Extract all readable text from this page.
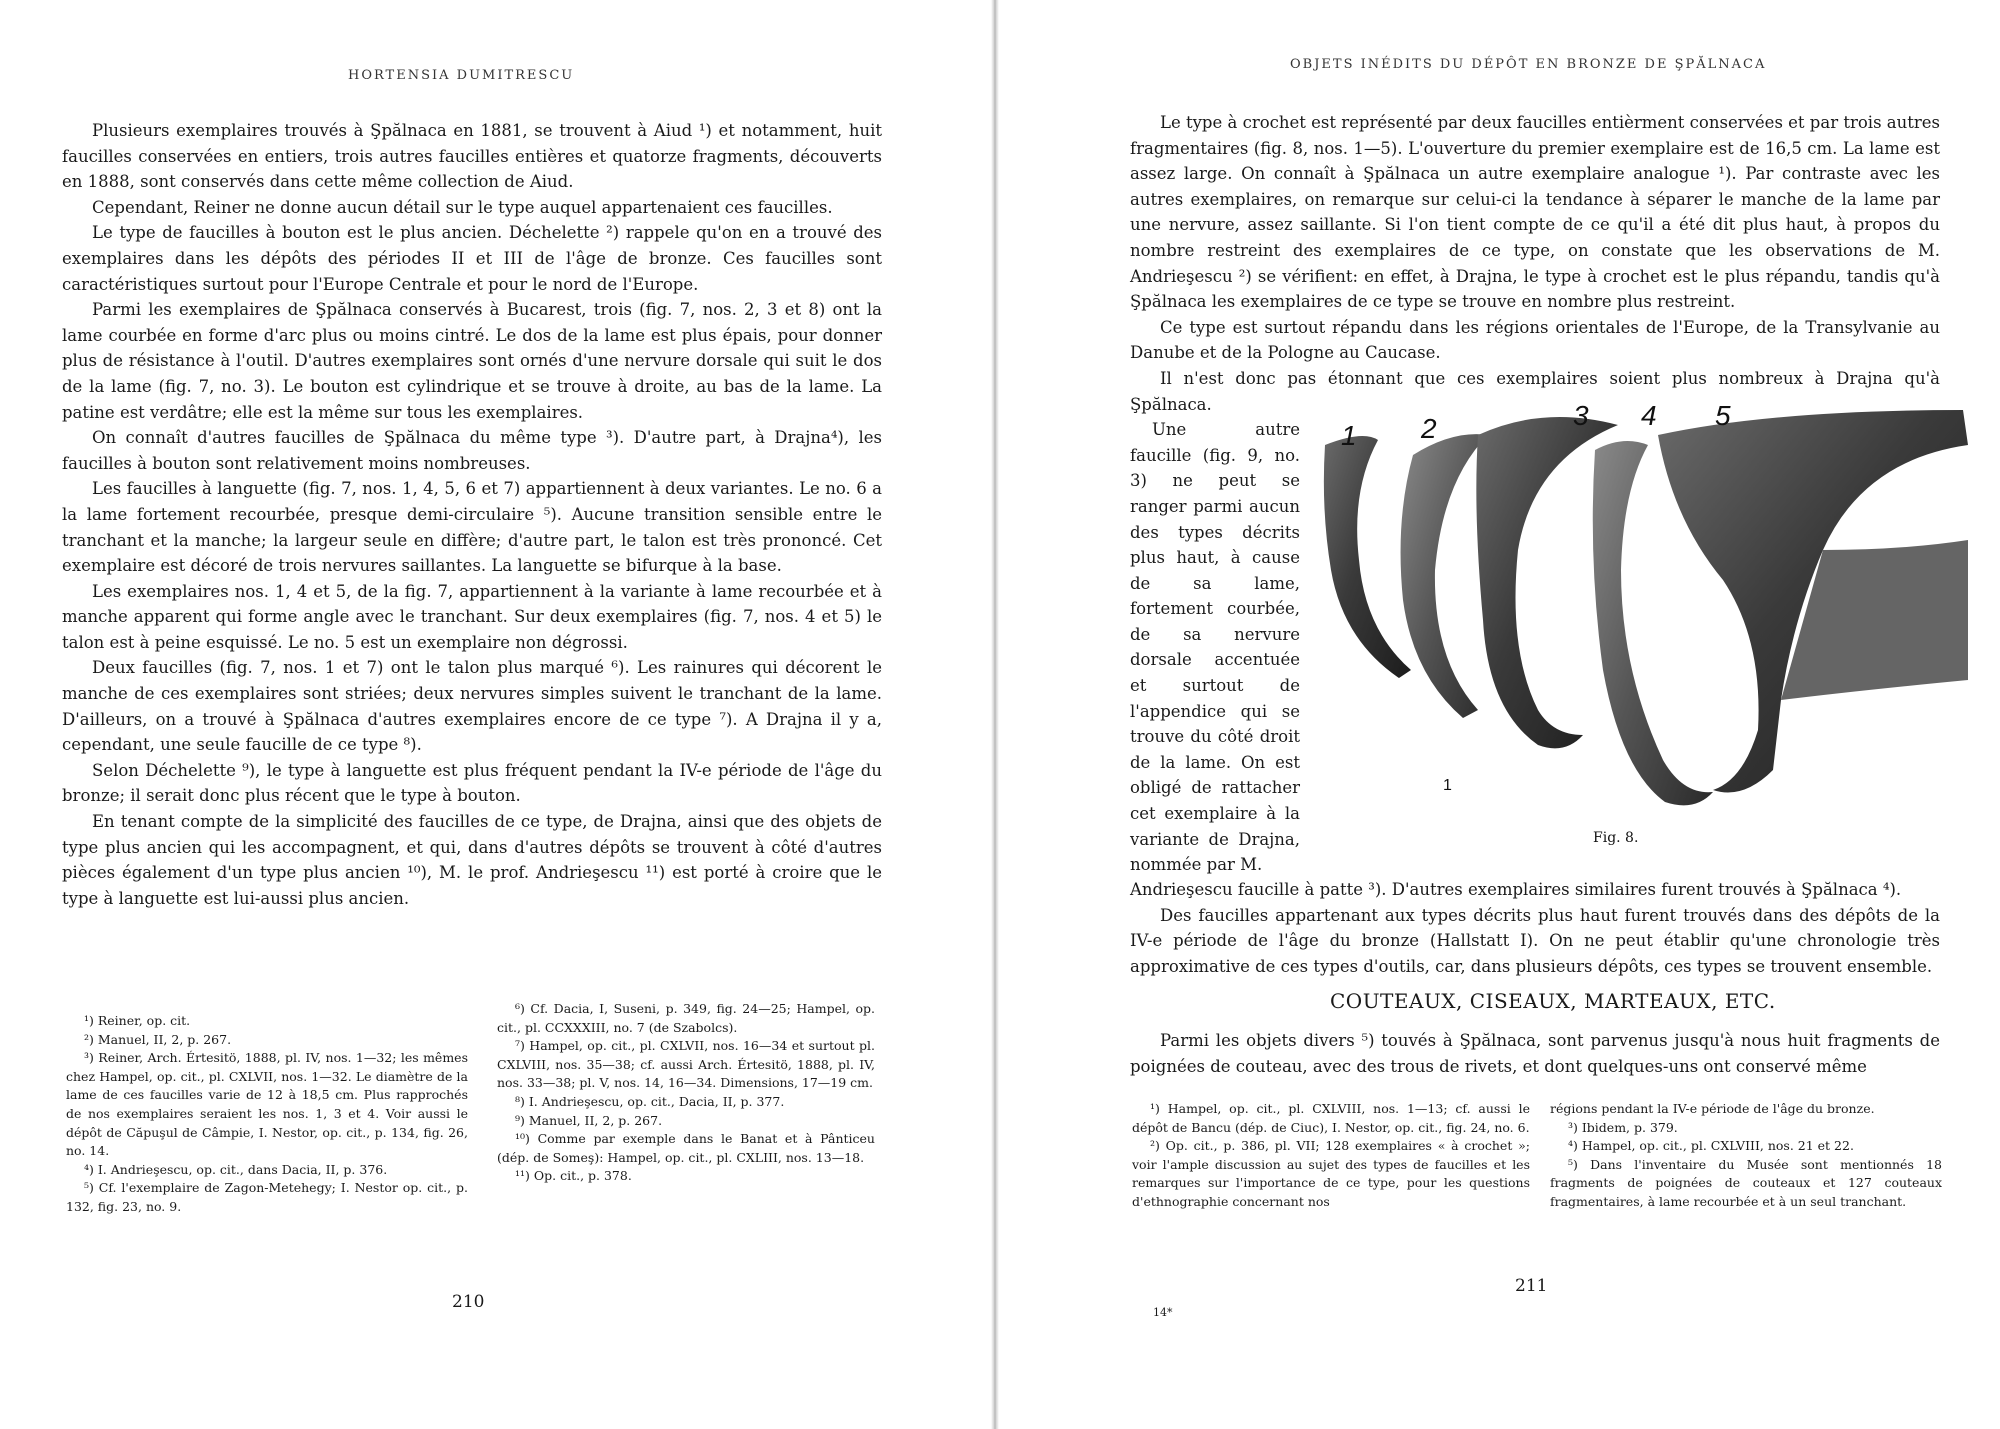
HORTENSIA DUMITRESCU

Plusieurs exemplaires trouvés à Şpălnaca en 1881, se trouvent à Aiud ¹) et notamment, huit faucilles conservées en entiers, trois autres faucilles entières et quatorze fragments, découverts en 1888, sont conservés dans cette même collection de Aiud.

Cependant, Reiner ne donne aucun détail sur le type auquel appartenaient ces faucilles.

Le type de faucilles à bouton est le plus ancien. Déchelette ²) rappele qu'on en a trouvé des exemplaires dans les dépôts des périodes II et III de l'âge de bronze. Ces faucilles sont caractéristiques surtout pour l'Europe Centrale et pour le nord de l'Europe.

Parmi les exemplaires de Şpălnaca conservés à Bucarest, trois (fig. 7, nos. 2, 3 et 8) ont la lame courbée en forme d'arc plus ou moins cintré. Le dos de la lame est plus épais, pour donner plus de résistance à l'outil. D'autres exemplaires sont ornés d'une nervure dorsale qui suit le dos de la lame (fig. 7, no. 3). Le bouton est cylindrique et se trouve à droite, au bas de la lame. La patine est verdâtre; elle est la même sur tous les exemplaires.

On connaît d'autres faucilles de Şpălnaca du même type ³). D'autre part, à Drajna⁴), les faucilles à bouton sont relativement moins nombreuses.

Les faucilles à languette (fig. 7, nos. 1, 4, 5, 6 et 7) appartiennent à deux variantes. Le no. 6 a la lame fortement recourbée, presque demi-circulaire ⁵). Aucune transition sensible entre le tranchant et la manche; la largeur seule en diffère; d'autre part, le talon est très prononcé. Cet exemplaire est décoré de trois nervures saillantes. La languette se bifurque à la base.

Les exemplaires nos. 1, 4 et 5, de la fig. 7, appartiennent à la variante à lame recourbée et à manche apparent qui forme angle avec le tranchant. Sur deux exemplaires (fig. 7, nos. 4 et 5) le talon est à peine esquissé. Le no. 5 est un exemplaire non dégrossi.

Deux faucilles (fig. 7, nos. 1 et 7) ont le talon plus marqué ⁶). Les rainures qui décorent le manche de ces exemplaires sont striées; deux nervures simples suivent le tranchant de la lame. D'ailleurs, on a trouvé à Şpălnaca d'autres exemplaires encore de ce type ⁷). A Drajna il y a, cependant, une seule faucille de ce type ⁸).

Selon Déchelette ⁹), le type à languette est plus fréquent pendant la IV-e période de l'âge du bronze; il serait donc plus récent que le type à bouton.

En tenant compte de la simplicité des faucilles de ce type, de Drajna, ainsi que des objets de type plus ancien qui les accompagnent, et qui, dans d'autres dépôts se trouvent à côté d'autres pièces également d'un type plus ancien ¹⁰), M. le prof. Andrieşescu ¹¹) est porté à croire que le type à languette est lui-aussi plus ancien.

¹) Reiner, op. cit.

²) Manuel, II, 2, p. 267.

³) Reiner, Arch. Értesitö, 1888, pl. IV, nos. 1—32; les mêmes chez Hampel, op. cit., pl. CXLVII, nos. 1—32. Le diamètre de la lame de ces faucilles varie de 12 à 18,5 cm. Plus rapprochés de nos exemplaires seraient les nos. 1, 3 et 4. Voir aussi le dépôt de Căpuşul de Câmpie, I. Nestor, op. cit., p. 134, fig. 26, no. 14.

⁴) I. Andrieşescu, op. cit., dans Dacia, II, p. 376.

⁵) Cf. l'exemplaire de Zagon-Metehegy; I. Nestor op. cit., p. 132, fig. 23, no. 9.

⁶) Cf. Dacia, I, Suseni, p. 349, fig. 24—25; Hampel, op. cit., pl. CCXXXIII, no. 7 (de Szabolcs).

⁷) Hampel, op. cit., pl. CXLVII, nos. 16—34 et surtout pl. CXLVIII, nos. 35—38; cf. aussi Arch. Értesitö, 1888, pl. IV, nos. 33—38; pl. V, nos. 14, 16—34. Dimensions, 17—19 cm.

⁸) I. Andrieşescu, op. cit., Dacia, II, p. 377.

⁹) Manuel, II, 2, p. 267.

¹⁰) Comme par exemple dans le Banat et à Pânticeu (dép. de Someş): Hampel, op. cit., pl. CXLIII, nos. 13—18.

¹¹) Op. cit., p. 378.

210
OBJETS INÉDITS DU DÉPÔT EN BRONZE DE ŞPĂLNACA

Le type à crochet est représenté par deux faucilles entièrment conservées et par trois autres fragmentaires (fig. 8, nos. 1—5). L'ouverture du premier exemplaire est de 16,5 cm. La lame est assez large. On connaît à Şpălnaca un autre exemplaire analogue ¹). Par contraste avec les autres exemplaires, on remarque sur celui-ci la tendance à séparer le manche de la lame par une nervure, assez saillante. Si l'on tient compte de ce qu'il a été dit plus haut, à propos du nombre restreint des exemplaires de ce type, on constate que les observations de M. Andrieşescu ²) se vérifient: en effet, à Drajna, le type à crochet est le plus répandu, tandis qu'à Şpălnaca les exemplaires de ce type se trouve en nombre plus restreint.

Ce type est surtout répandu dans les régions orientales de l'Europe, de la Transylvanie au Danube et de la Pologne au Caucase.

Il n'est donc pas étonnant que ces exemplaires soient plus nombreux à Drajna qu'à Şpălnaca.

Une autre faucille (fig. 9, no. 3) ne peut se ranger parmi aucun des types décrits plus haut, à cause de sa lame, fortement courbée, de sa nervure dorsale accentuée et surtout de l'appendice qui se trouve du côté droit de la lame. On est obligé de rattacher cet exemplaire à la variante de Drajna, nommée par M.

Andrieşescu faucille à patte ³). D'autres exemplaires similaires furent trouvés à Şpălnaca ⁴).

Des faucilles appartenant aux types décrits plus haut furent trouvés dans des dépôts de la IV-e période de l'âge du bronze (Hallstatt I). On ne peut établir qu'une chronologie très approximative de ces types d'outils, car, dans plusieurs dépôts, ces types se trouvent ensemble.

COUTEAUX, CISEAUX, MARTEAUX, ETC.

Parmi les objets divers ⁵) touvés à Şpălnaca, sont parvenus jusqu'à nous huit fragments de poignées de couteau, avec des trous de rivets, et dont quelques-uns ont conservé même

¹) Hampel, op. cit., pl. CXLVIII, nos. 1—13; cf. aussi le dépôt de Bancu (dép. de Ciuc), I. Nestor, op. cit., fig. 24, no. 6.

²) Op. cit., p. 386, pl. VII; 128 exemplaires « à crochet »; voir l'ample discussion au sujet des types de faucilles et les remarques sur l'importance de ce type, pour les questions d'ethnographie concernant nos

régions pendant la IV-e période de l'âge du bronze.

³) Ibidem, p. 379.

⁴) Hampel, op. cit., pl. CXLVIII, nos. 21 et 22.

⁵) Dans l'inventaire du Musée sont mentionnés 18 fragments de poignées de couteaux et 127 couteaux fragmentaires, à lame recourbée et à un seul tranchant.

211
14*
1 2	3 4 5
1
Fig. 8.
